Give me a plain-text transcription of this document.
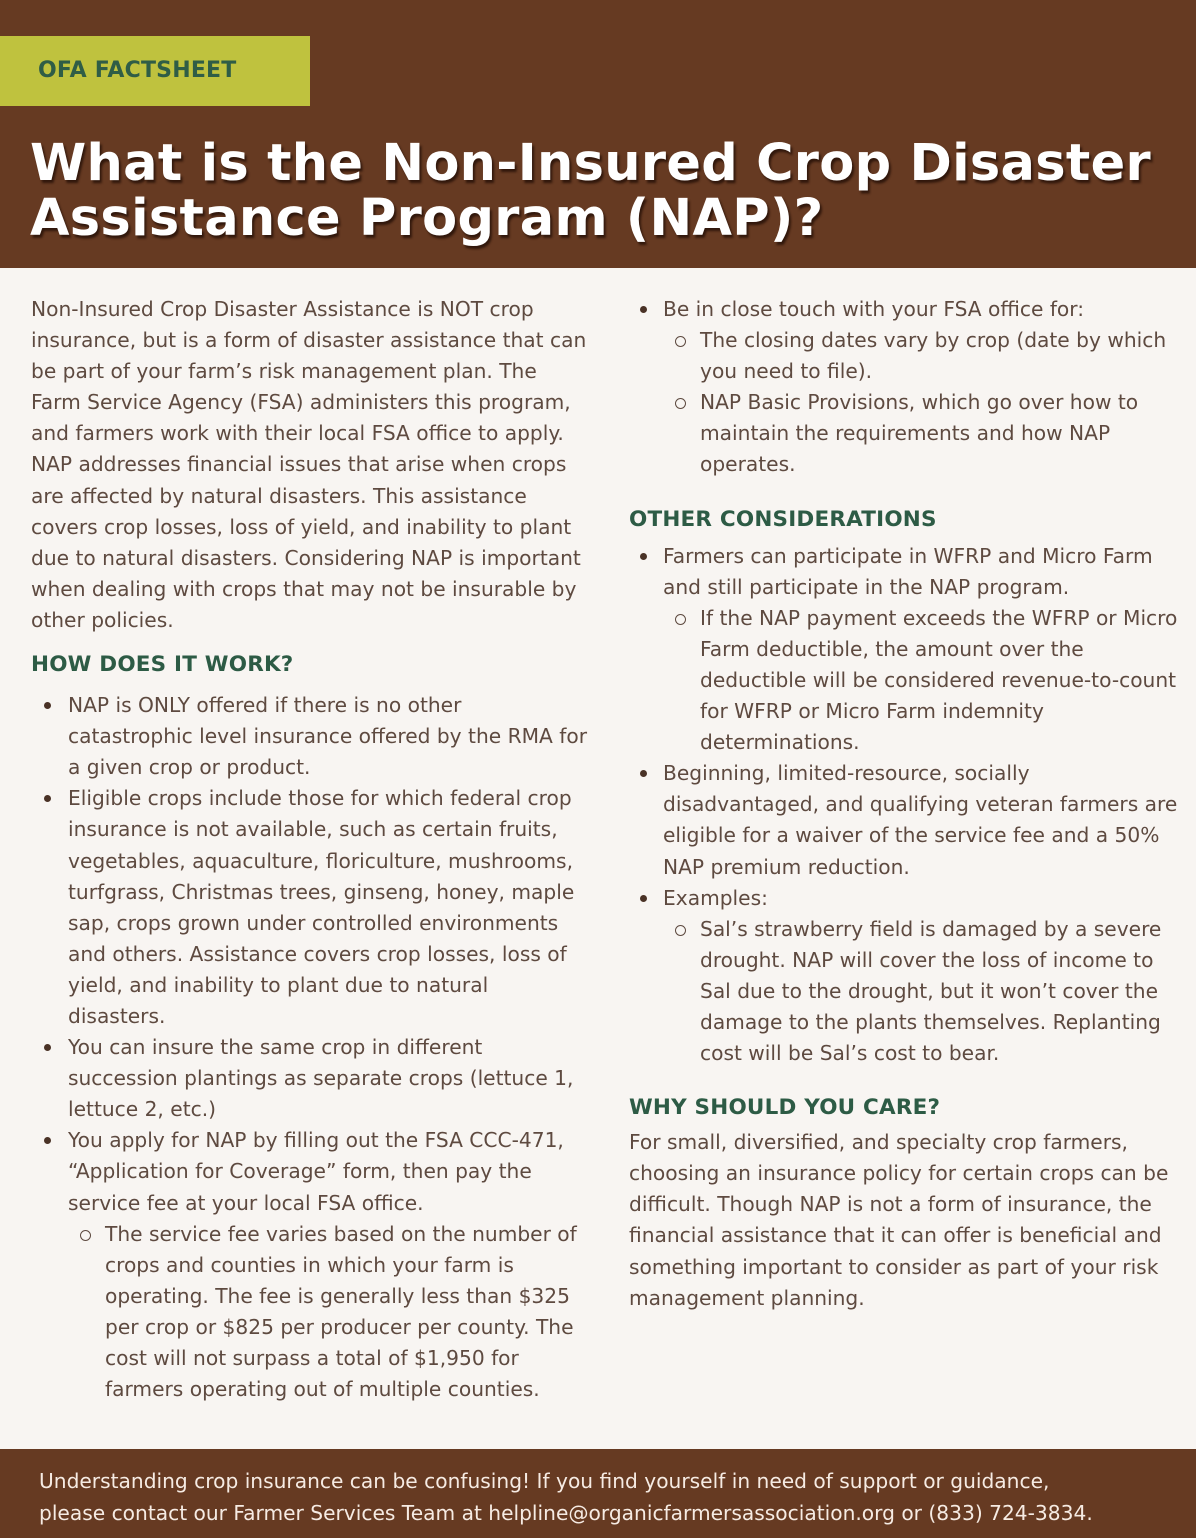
OFA FACTSHEET
What is the Non-Insured Crop Disaster Assistance Program (NAP)?

Non-Insured Crop Disaster Assistance is NOT crop insurance, but is a form of disaster assistance that can be part of your farm’s risk management plan. The Farm Service Agency (FSA) administers this program, and farmers work with their local FSA office to apply. NAP addresses financial issues that arise when crops are affected by natural disasters. This assistance covers crop losses, loss of yield, and inability to plant due to natural disasters. Considering NAP is important when dealing with crops that may not be insurable by other policies.

HOW DOES IT WORK?
NAP is ONLY offered if there is no other catastrophic level insurance offered by the RMA for a given crop or product.
Eligible crops include those for which federal crop insurance is not available, such as certain fruits, vegetables, aquaculture, floriculture, mushrooms, turfgrass, Christmas trees, ginseng, honey, maple sap, crops grown under controlled environments and others. Assistance covers crop losses, loss of yield, and inability to plant due to natural disasters.
You can insure the same crop in different succession plantings as separate crops (lettuce 1, lettuce 2, etc.)
You apply for NAP by filling out the FSA CCC-471, “Application for Coverage” form, then pay the service fee at your local FSA office.
The service fee varies based on the number of crops and counties in which your farm is operating. The fee is generally less than $325 per crop or $825 per producer per county. The cost will not surpass a total of $1,950 for farmers operating out of multiple counties.
Be in close touch with your FSA office for:
The closing dates vary by crop (date by which you need to file).
NAP Basic Provisions, which go over how to maintain the requirements and how NAP operates.
OTHER CONSIDERATIONS
Farmers can participate in WFRP and Micro Farm and still participate in the NAP program.
If the NAP payment exceeds the WFRP or Micro Farm deductible, the amount over the deductible will be considered revenue-to-count for WFRP or Micro Farm indemnity determinations.
Beginning, limited-resource, socially disadvantaged, and qualifying veteran farmers are eligible for a waiver of the service fee and a 50% NAP premium reduction.
Examples:
Sal’s strawberry field is damaged by a severe drought. NAP will cover the loss of income to Sal due to the drought, but it won’t cover the damage to the plants themselves. Replanting cost will be Sal’s cost to bear.
WHY SHOULD YOU CARE?

For small, diversified, and specialty crop farmers, choosing an insurance policy for certain crops can be difficult. Though NAP is not a form of insurance, the financial assistance that it can offer is beneficial and something important to consider as part of your risk management planning.

Understanding crop insurance can be confusing! If you find yourself in need of support or guidance,
please contact our Farmer Services Team at helpline@organicfarmersassociation.org or (833) 724-3834.
